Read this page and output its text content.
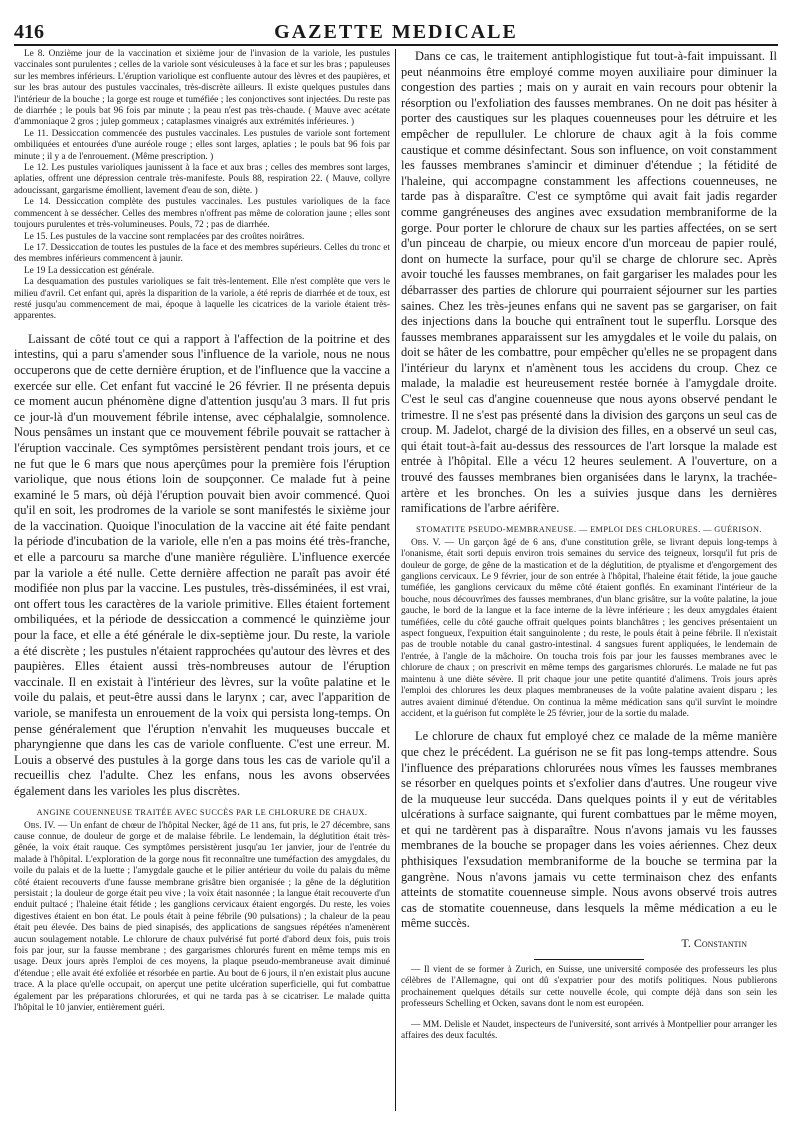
416	GAZETTE MEDICALE

Le 8. Onzième jour de la vaccination et sixième jour de l'invasion de la variole, les pustules vaccinales sont purulentes ; celles de la variole sont vésiculeuses à la face et sur les bras ; papuleuses sur les membres inférieurs. L'éruption variolique est confluente autour des lèvres et des paupières, et sur les bras autour des pustules vaccinales, très-discrète ailleurs. Il existe quelques pustules dans l'intérieur de la bouche ; la gorge est rouge et tuméfiée ; les conjonctives sont injectées. Du reste pas de diarrhée ; le pouls bat 96 fois par minute ; la peau n'est pas très-chaude. ( Mauve avec acétate d'ammoniaque 2 gros ; julep gommeux ; cataplasmes vinaigrés aux extrémités inférieures. )

Le 11. Dessiccation commencée des pustules vaccinales. Les pustules de variole sont fortement ombiliquées et entourées d'une auréole rouge ; elles sont larges, aplaties ; le pouls bat 96 fois par minute ; il y a de l'enrouement. (Même prescription. )

Le 12. Les pustules varioliques jaunissent à la face et aux bras ; celles des membres sont larges, aplaties, offrent une dépression centrale très-manifeste. Pouls 88, respiration 22. ( Mauve, collyre adoucissant, gargarisme émollient, lavement d'eau de son, diète. )

Le 14. Dessiccation complète des pustules vaccinales. Les pustules varioliques de la face commencent à se dessécher. Celles des membres n'offrent pas même de coloration jaune ; elles sont toujours purulentes et très-volumineuses. Pouls, 72 ; pas de diarrhée.

Le 15. Les pustules de la vaccine sont remplacées par des croûtes noirâtres.

Le 17. Dessiccation de toutes les pustules de la face et des membres supérieurs. Celles du tronc et des membres inférieurs commencent à jaunir.

Le 19 La dessiccation est générale.

La desquamation des pustules varioliques se fait très-lentement. Elle n'est complète que vers le milieu d'avril. Cet enfant qui, après la disparition de la variole, a été repris de diarrhée et de toux, est resté jusqu'au commencement de mai, époque à laquelle les cicatrices de la variole étaient très-apparentes.

Laissant de côté tout ce qui a rapport à l'affection de la poitrine et des intestins, qui a paru s'amender sous l'influence de la variole, nous ne nous occuperons que de cette dernière éruption, et de l'influence que la vaccine a exercée sur elle. Cet enfant fut vacciné le 26 février. Il ne présenta depuis ce moment aucun phénomène digne d'attention jusqu'au 3 mars. Il fut pris ce jour-là d'un mouvement fébrile intense, avec céphalalgie, somnolence. Nous pensâmes un instant que ce mouvement fébrile pouvait se rattacher à l'éruption vaccinale. Ces symptômes persistèrent pendant trois jours, et ce ne fut que le 6 mars que nous aperçûmes pour la première fois l'éruption variolique, que nous étions loin de soupçonner. Ce malade fut à peine examiné le 5 mars, où déjà l'éruption pouvait bien avoir commencé. Quoi qu'il en soit, les prodromes de la variole se sont manifestés le sixième jour de la vaccination. Quoique l'inoculation de la vaccine ait été faite pendant la période d'incubation de la variole, elle n'en a pas moins été très-franche, et elle a parcouru sa marche d'une manière régulière. L'influence exercée par la variole a été nulle. Cette dernière affection ne paraît pas avoir été modifiée non plus par la vaccine. Les pustules, très-disséminées, il est vrai, ont offert tous les caractères de la variole primitive. Elles étaient fortement ombiliquées, et la période de dessiccation a commencé le quinzième jour pour la face, et elle a été générale le dix-septième jour. Du reste, la variole a été discrète ; les pustules n'étaient rapprochées qu'autour des lèvres et des paupières. Elles étaient aussi très-nombreuses autour de l'éruption vaccinale. Il en existait à l'intérieur des lèvres, sur la voûte palatine et le voile du palais, et peut-être aussi dans le larynx ; car, avec l'apparition de variole, se manifesta un enrouement de la voix qui persista long-temps. On pense généralement que l'éruption n'envahit les muqueuses buccale et pharyngienne que dans les cas de variole confluente. C'est une erreur. M. Louis a observé des pustules à la gorge dans tous les cas de variole qu'il a recueillis chez l'adulte. Chez les enfans, nous les avons observées également dans les varioles les plus discrètes.

ANGINE COUENNEUSE TRAITÉE AVEC SUCCÈS PAR LE CHLORURE DE CHAUX.

Obs. IV. — Un enfant de chœur de l'hôpital Necker, âgé de 11 ans, fut pris, le 27 décembre, sans cause connue, de douleur de gorge et de malaise fébrile. Le lendemain, la déglutition était très-gênée, la voix était rauque. Ces symptômes persistèrent jusqu'au 1er janvier, jour de l'entrée du malade à l'hôpital. L'exploration de la gorge nous fit reconnaître une tuméfaction des amygdales, du voile du palais et de la luette ; l'amygdale gauche et le pilier antérieur du voile du palais du même côté étaient recouverts d'une fausse membrane grisâtre bien organisée ; la gêne de la déglutition persistait ; la douleur de gorge était peu vive ; la voix était nasonnée ; la langue était recouverte d'un enduit pultacé ; l'haleine était fétide ; les ganglions cervicaux étaient engorgés. Du reste, les voies digestives étaient en bon état. Le pouls était à peine fébrile (90 pulsations) ; la chaleur de la peau était peu élevée. Des bains de pied sinapisés, des applications de sangsues répétées n'amenèrent aucun soulagement notable. Le chlorure de chaux pulvérisé fut porté d'abord deux fois, puis trois fois par jour, sur la fausse membrane ; des gargarismes chlorurés furent en même temps mis en usage. Deux jours après l'emploi de ces moyens, la plaque pseudo-membraneuse avait diminué d'étendue ; elle avait été exfoliée et résorbée en partie. Au bout de 6 jours, il n'en existait plus aucune trace. A la place qu'elle occupait, on aperçut une petite ulcération superficielle, qui fut combattue également par les préparations chlorurées, et qui ne tarda pas à se cicatriser. Le malade quitta l'hôpital le 10 janvier, entièrement guéri.

Dans ce cas, le traitement antiphlogistique fut tout-à-fait impuissant. Il peut néanmoins être employé comme moyen auxiliaire pour diminuer la congestion des parties ; mais on y aurait en vain recours pour obtenir la résorption ou l'exfoliation des fausses membranes. On ne doit pas hésiter à porter des caustiques sur les plaques couenneuses pour les détruire et les empêcher de repulluler. Le chlorure de chaux agit à la fois comme caustique et comme désinfectant. Sous son influence, on voit constamment les fausses membranes s'amincir et diminuer d'étendue ; la fétidité de l'haleine, qui accompagne constamment les affections couenneuses, ne tarde pas à disparaître. C'est ce symptôme qui avait fait jadis regarder comme gangréneuses des angines avec exsudation membraniforme de la gorge. Pour porter le chlorure de chaux sur les parties affectées, on se sert d'un pinceau de charpie, ou mieux encore d'un morceau de papier roulé, dont on humecte la surface, pour qu'il se charge de chlorure sec. Après avoir touché les fausses membranes, on fait gargariser les malades pour les débarrasser des parties de chlorure qui pourraient séjourner sur les parties saines. Chez les très-jeunes enfans qui ne savent pas se gargariser, on fait des injections dans la bouche qui entraînent tout le superflu. Lorsque des fausses membranes apparaissent sur les amygdales et le voile du palais, on doit se hâter de les combattre, pour empêcher qu'elles ne se propagent dans l'intérieur du larynx et n'amènent tous les accidens du croup. Chez ce malade, la maladie est heureusement restée bornée à l'amygdale droite. C'est le seul cas d'angine couenneuse que nous ayons observé pendant le trimestre. Il ne s'est pas présenté dans la division des garçons un seul cas de croup. M. Jadelot, chargé de la division des filles, en a observé un seul cas, qui était tout-à-fait au-dessus des ressources de l'art lorsque la malade est entrée à l'hôpital. Elle a vécu 12 heures seulement. A l'ouverture, on a trouvé des fausses membranes bien organisées dans le larynx, la trachée-artère et les bronches. On les a suivies jusque dans les dernières ramifications de l'arbre aérifère.

STOMATITE PSEUDO-MEMBRANEUSE. — EMPLOI DES CHLORURES. — GUÉRISON.

Obs. V. — Un garçon âgé de 6 ans, d'une constitution grêle, se livrant depuis long-temps à l'onanisme, était sorti depuis environ trois semaines du service des teigneux, lorsqu'il fut pris de douleur de gorge, de gêne de la mastication et de la déglutition, de ptyalisme et d'engorgement des ganglions cervicaux. Le 9 février, jour de son entrée à l'hôpital, l'haleine était fétide, la joue gauche tuméfiée, les ganglions cervicaux du même côté étaient gonflés. En examinant l'intérieur de la bouche, nous découvrîmes des fausses membranes, d'un blanc grisâtre, sur la voûte palatine, la joue gauche, le bord de la langue et la face interne de la lèvre inférieure ; les deux amygdales étaient tuméfiées, celle du côté gauche offrait quelques points blanchâtres ; les gencives présentaient un aspect fongueux, l'expuition était sanguinolente ; du reste, le pouls était à peine fébrile. Il n'existait pas de trouble notable du canal gastro-intestinal. 4 sangsues furent appliquées, le lendemain de l'entrée, à l'angle de la mâchoire. On toucha trois fois par jour les fausses membranes avec le chlorure de chaux ; on prescrivit en même temps des gargarismes chlorurés. Le malade ne fut pas maintenu à une diète sévère. Il prit chaque jour une petite quantité d'alimens. Trois jours après l'emploi des chlorures les deux plaques membraneuses de la voûte palatine avaient disparu ; les autres avaient diminué d'étendue. On continua la même médication sans qu'il survînt le moindre accident, et la guérison fut complète le 25 février, jour de la sortie du malade.

Le chlorure de chaux fut employé chez ce malade de la même manière que chez le précédent. La guérison ne se fit pas long-temps attendre. Sous l'influence des préparations chlorurées nous vîmes les fausses membranes se résorber en quelques points et s'exfolier dans d'autres. Une rougeur vive de la muqueuse leur succéda. Dans quelques points il y eut de véritables ulcérations à surface saignante, qui furent combattues par le même moyen, et qui ne tardèrent pas à disparaître. Nous n'avons jamais vu les fausses membranes de la bouche se propager dans les voies aériennes. Chez deux phthisiques l'exsudation membraniforme de la bouche se termina par la gangrène. Nous n'avons jamais vu cette terminaison chez des enfants atteints de stomatite couenneuse simple. Nous avons observé trois autres cas de stomatite couenneuse, dans lesquels la même médication a eu le même succès.

T. Constantin

— Il vient de se former à Zurich, en Suisse, une université composée des professeurs les plus célèbres de l'Allemagne, qui ont dû s'expatrier pour des motifs politiques. Nous publierons prochainement quelques détails sur cette nouvelle école, qui compte déjà dans son sein les professeurs Schelling et Ocken, savans dont le nom est européen.

— MM. Delisle et Naudet, inspecteurs de l'université, sont arrivés à Montpellier pour arranger les affaires des deux facultés.
